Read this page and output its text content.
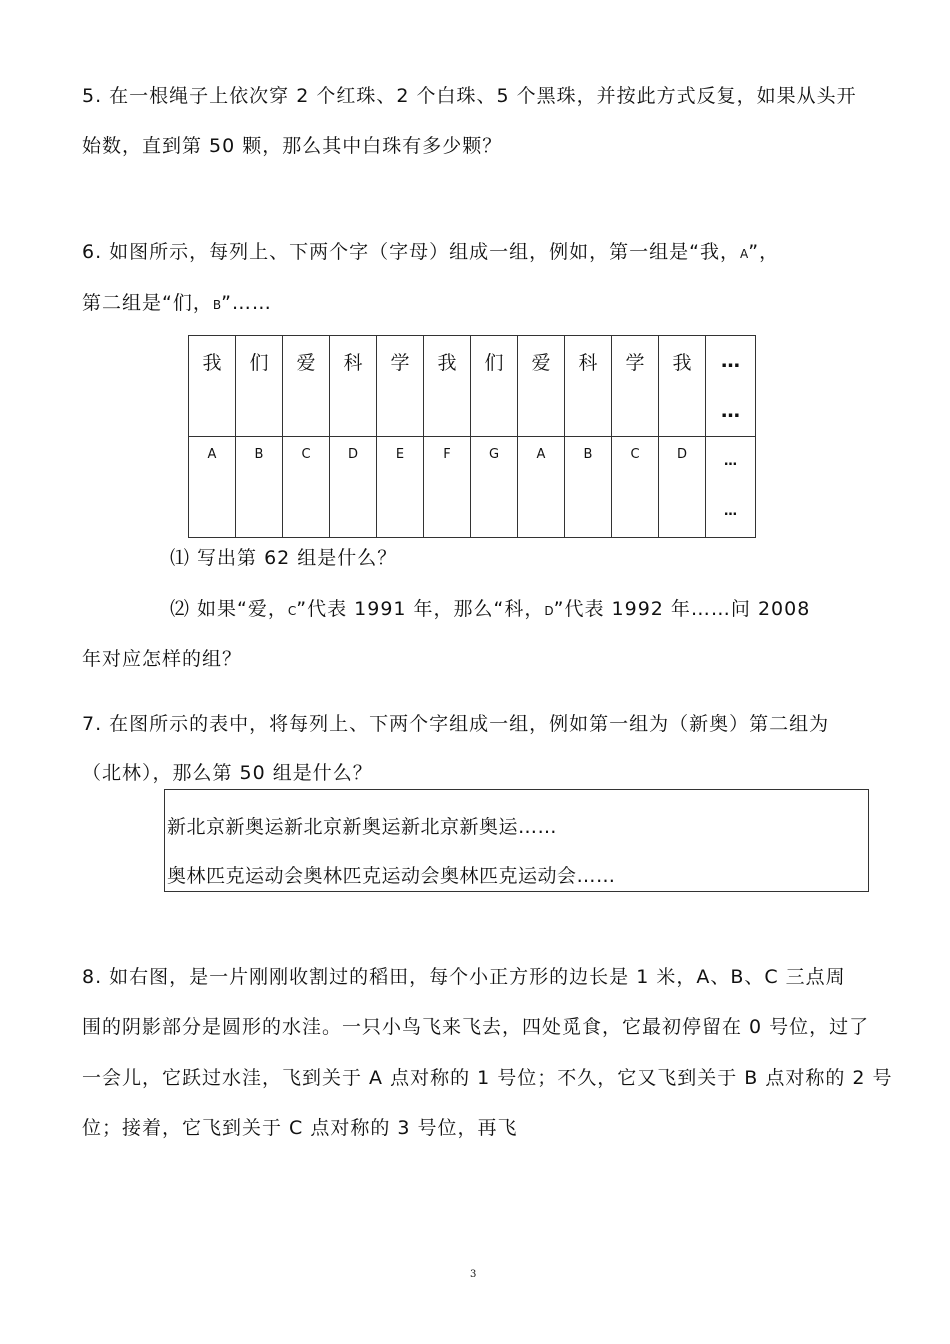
5. 在一根绳子上依次穿 2 个红珠、2 个白珠、5 个黑珠，并按此方式反复，如果从头开
始数，直到第 50 颗，那么其中白珠有多少颗？
6. 如图所示，每列上、下两个字（字母）组成一组，例如，第一组是“我，A”，
第二组是“们，B”……
我	们	爱	科	学	我	们	爱	科	学	我	…
…

A	B	C	D	E	F	G	A	B	C	D	…
…
⑴ 写出第 62 组是什么？
⑵ 如果“爱，C”代表 1991 年，那么“科，D”代表 1992 年……问 2008
年对应怎样的组？
7. 在图所示的表中，将每列上、下两个字组成一组，例如第一组为（新奥）第二组为
（北林），那么第 50 组是什么？
新北京新奥运新北京新奥运新北京新奥运……
奥林匹克运动会奥林匹克运动会奥林匹克运动会……
8. 如右图，是一片刚刚收割过的稻田，每个小正方形的边长是 1 米，A、B、C 三点周
围的阴影部分是圆形的水洼。一只小鸟飞来飞去，四处觅食，它最初停留在 0 号位，过了
一会儿，它跃过水洼，飞到关于 A 点对称的 1 号位；不久，它又飞到关于 B 点对称的 2 号
位；接着，它飞到关于 C 点对称的 3 号位，再飞
3
